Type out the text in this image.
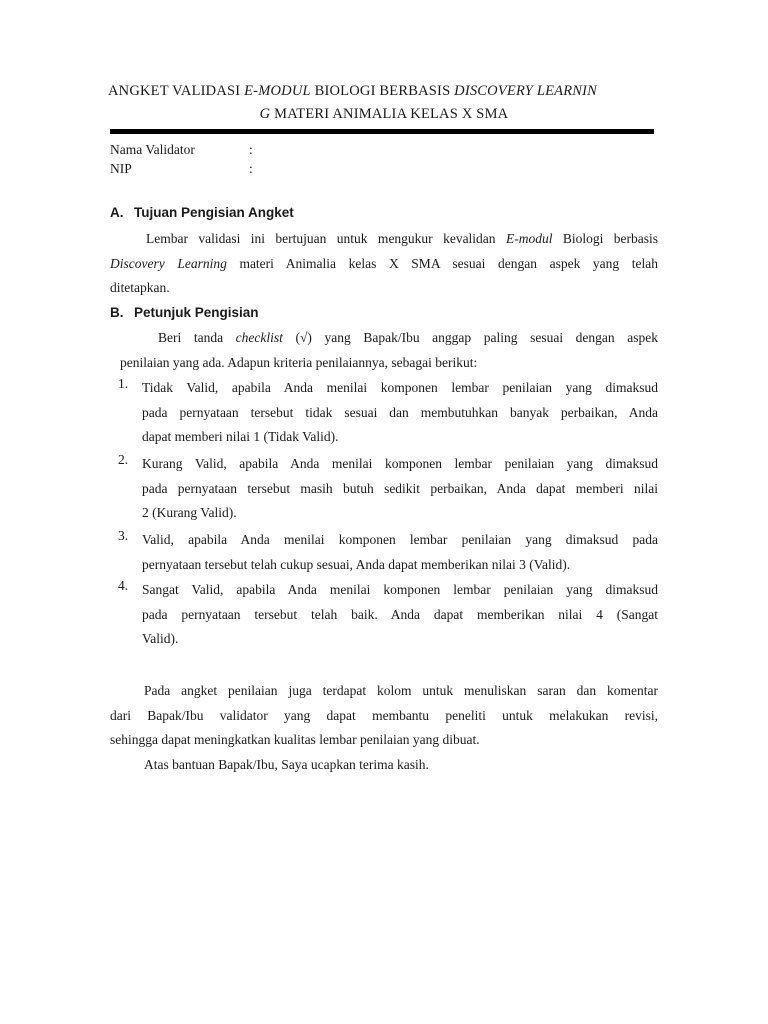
ANGKET VALIDASI E-MODUL BIOLOGI BERBASIS DISCOVERY LEARNIN
G MATERI ANIMALIA KELAS X SMA
Nama Validator	:
NIP	:
A. Tujuan Pengisian Angket
Lembar validasi ini bertujuan untuk mengukur kevalidan E-modul Biologi berbasis
Discovery Learning materi Animalia kelas X SMA sesuai dengan aspek yang telah
ditetapkan.
B. Petunjuk Pengisian
Beri tanda checklist (√) yang Bapak/Ibu anggap paling sesuai dengan aspek
penilaian yang ada. Adapun kriteria penilaiannya, sebagai berikut:
1.	Tidak Valid, apabila Anda menilai komponen lembar penilaian yang dimaksud
pada pernyataan tersebut tidak sesuai dan membutuhkan banyak perbaikan, Anda
dapat memberi nilai 1 (Tidak Valid).
2.	Kurang Valid, apabila Anda menilai komponen lembar penilaian yang dimaksud
pada pernyataan tersebut masih butuh sedikit perbaikan, Anda dapat memberi nilai
2 (Kurang Valid).
3.	Valid, apabila Anda menilai komponen lembar penilaian yang dimaksud pada
pernyataan tersebut telah cukup sesuai, Anda dapat memberikan nilai 3 (Valid).
4.	Sangat Valid, apabila Anda menilai komponen lembar penilaian yang dimaksud
pada pernyataan tersebut telah baik. Anda dapat memberikan nilai 4 (Sangat
Valid).
Pada angket penilaian juga terdapat kolom untuk menuliskan saran dan komentar
dari Bapak/Ibu validator yang dapat membantu peneliti untuk melakukan revisi,
sehingga dapat meningkatkan kualitas lembar penilaian yang dibuat.
Atas bantuan Bapak/Ibu, Saya ucapkan terima kasih.
